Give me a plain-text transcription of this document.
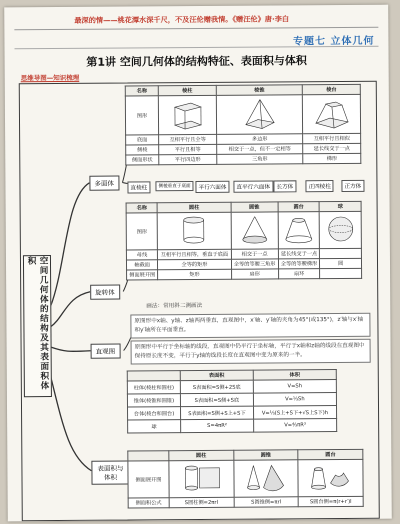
最深的情——桃花潭水深千尺，不及汪伦赠我情。《赠汪伦》唐·李白
专题七 立体几何
第1讲 空间几何体的结构特征、表面积与体积
思维导图—知识梳理
空间几何体的结构及其表面积体积
多面体
旋转体
直观图
表面积与体积
名称	棱柱	棱锥	棱台
图形			
底面	互相平行且全等	多边形	互相平行且相似
侧棱	平行且相等	相交于一点，但不一定相等	延长线交于一点
侧面形状	平行四边形	三角形	梯形
直棱柱	侧棱垂直于底面	平行六面体	直平行六面体	长方体	正四棱柱	正方体
名称	圆柱	圆锥	圆台	球
图形				
母线	互相平行且相等，垂直于底面	相交于一点	延长线交于一点	
轴截面	全等的矩形	全等的等腰三角形	全等的等腰梯形	圆
侧面展开图	矩形	扇形	扇环	
画法：常用斜二测画法
原图形中x轴、y轴、z轴两两垂直，直观图中，x′轴、y′轴的夹角为45°(或135°)，z′轴与x′轴和y′轴所在平面垂直。
原图形中平行于坐标轴的线段，直观图中仍平行于坐标轴，平行于x轴和z轴的线段在直观图中保持原长度不变，平行于y轴的线段长度在直观图中变为原来的一半。
	表面积	体积
柱体(棱柱和圆柱)	S表面积=S侧+2S底	V=Sh
锥体(棱锥和圆锥)	S表面积=S侧+S底	V=⅓Sh
台体(棱台和圆台)	S表面积=S侧+S上+S下	V=⅓(S上+S下+√S上S下)h
球	S=4πR²	V=⁴⁄₃πR³
	圆柱	圆锥	圆台
侧面展开图			
侧面积公式	S圆柱侧=2πrl	S圆锥侧=πrl	S圆台侧=π(r+r′)l
